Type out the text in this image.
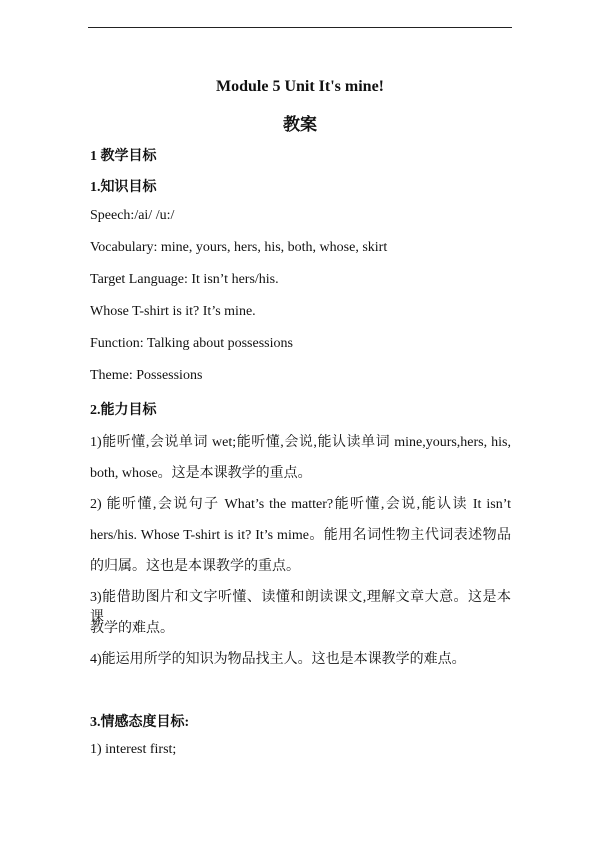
Module 5 Unit It's mine!
教案
1 教学目标
1.知识目标
Speech:/ai/ /u:/
Vocabulary: mine, yours, hers, his, both, whose, skirt
Target Language: It isn’t hers/his.
Whose T-shirt is it? It’s mine.
Function: Talking about possessions
Theme: Possessions
2.能力目标
1)能听懂,会说单词 wet;能听懂,会说,能认读单词 mine,yours,hers, his,
both, whose。这是本课教学的重点。
2) 能听懂,会说句子 What’s the matter?能听懂,会说,能认读 It isn’t
hers/his. Whose T-shirt is it? It’s mime。能用名词性物主代词表述物品
的归属。这也是本课教学的重点。
3)能借助图片和文字听懂、读懂和朗读课文,理解文章大意。这是本课
教学的难点。
4)能运用所学的知识为物品找主人。这也是本课教学的难点。
3.情感态度目标:
1) interest first;
